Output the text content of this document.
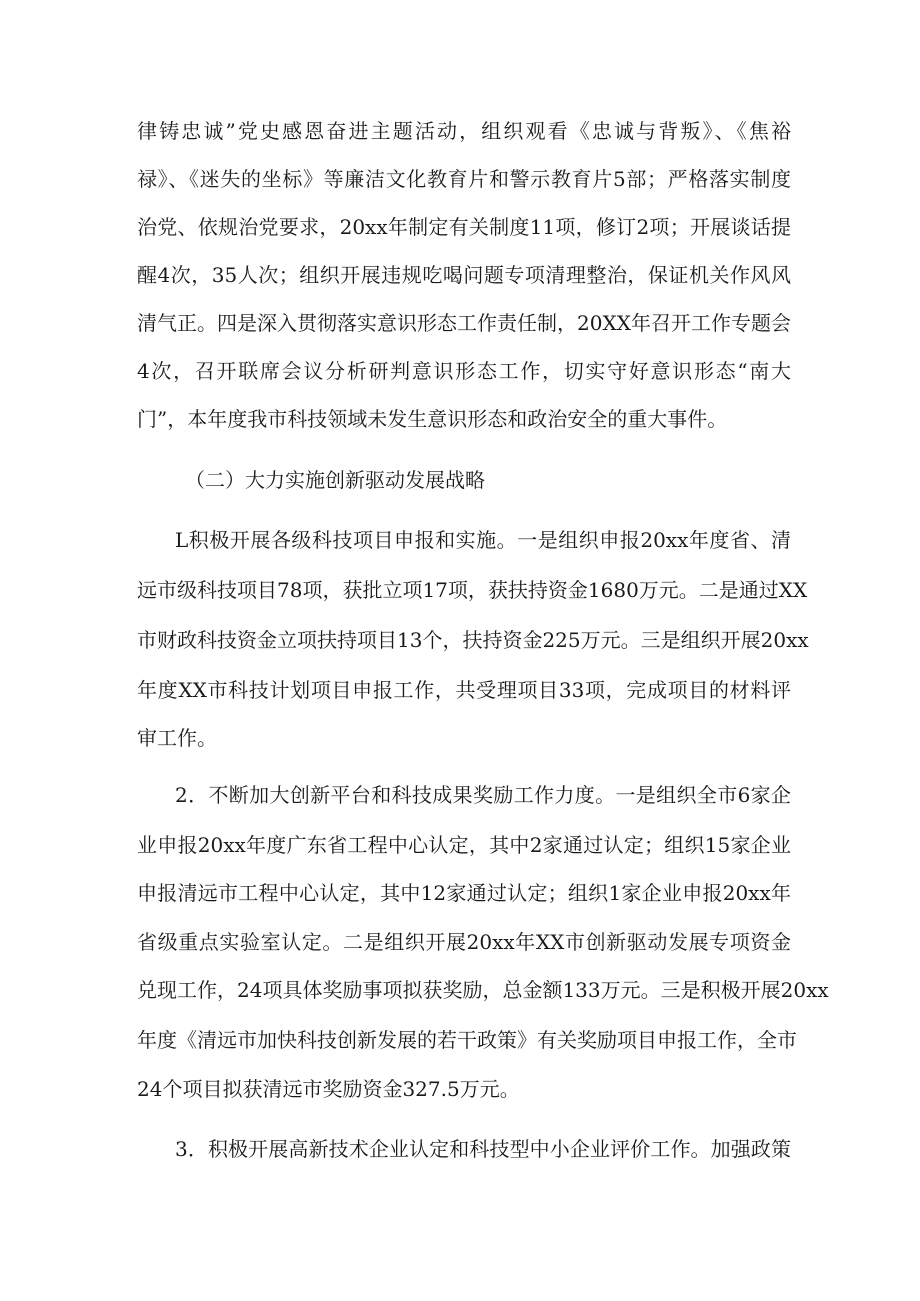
律铸忠诚”党史感恩奋进主题活动，组织观看《忠诚与背叛》、《焦裕
禄》、《迷失的坐标》等廉洁文化教育片和警示教育片5部；严格落实制度
治党、依规治党要求，20xx年制定有关制度11项，修订2项；开展谈话提
醒4次，35人次；组织开展违规吃喝问题专项清理整治，保证机关作风风
清气正。四是深入贯彻落实意识形态工作责任制，20XX年召开工作专题会
4次，召开联席会议分析研判意识形态工作，切实守好意识形态“南大
门”，本年度我市科技领域未发生意识形态和政治安全的重大事件。
（二）大力实施创新驱动发展战略
L积极开展各级科技项目申报和实施。一是组织申报20xx年度省、清
远市级科技项目78项，获批立项17项，获扶持资金1680万元。二是通过XX
市财政科技资金立项扶持项目13个，扶持资金225万元。三是组织开展20xx
年度XX市科技计划项目申报工作，共受理项目33项，完成项目的材料评
审工作。
2．不断加大创新平台和科技成果奖励工作力度。一是组织全市6家企
业申报20xx年度广东省工程中心认定，其中2家通过认定；组织15家企业
申报清远市工程中心认定，其中12家通过认定；组织1家企业申报20xx年
省级重点实验室认定。二是组织开展20xx年XX市创新驱动发展专项资金
兑现工作，24项具体奖励事项拟获奖励，总金额133万元。三是积极开展20xx
年度《清远市加快科技创新发展的若干政策》有关奖励项目申报工作，全市
24个项目拟获清远市奖励资金327.5万元。
3．积极开展高新技术企业认定和科技型中小企业评价工作。加强政策
